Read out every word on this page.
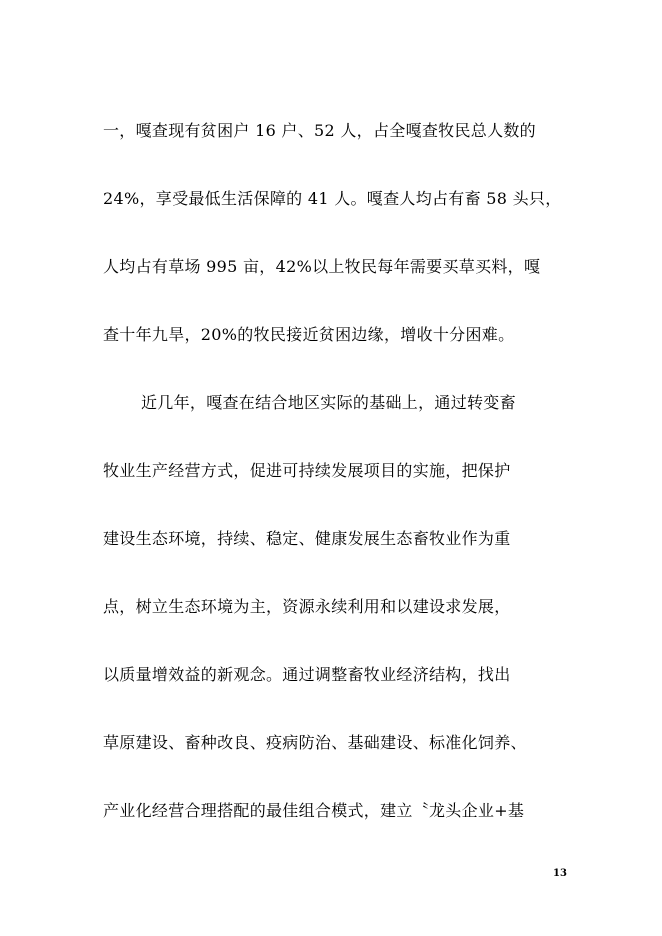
一，嘎查现有贫困户 16 户、52 人，占全嘎查牧民总人数的
24%，享受最低生活保障的 41 人。嘎查人均占有畜 58 头只，
人均占有草场 995 亩，42%以上牧民每年需要买草买料，嘎
查十年九旱，20%的牧民接近贫困边缘，增收十分困难。
近几年，嘎查在结合地区实际的基础上，通过转变畜
牧业生产经营方式，促进可持续发展项目的实施，把保护
建设生态环境，持续、稳定、健康发展生态畜牧业作为重
点，树立生态环境为主，资源永续利用和以建设求发展，
以质量增效益的新观念。通过调整畜牧业经济结构，找出
草原建设、畜种改良、疫病防治、基础建设、标准化饲养、
产业化经营合理搭配的最佳组合模式，建立〝龙头企业+基
13
